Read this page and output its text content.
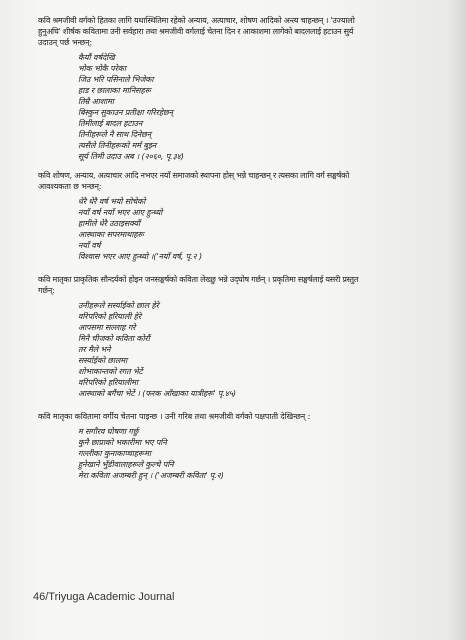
कवि श्रमजीवी वर्गको हितका लागि यथास्थितिमा रहेको अन्याय, अत्याचार, शोषण आदिको अन्त्य चाहन्छन् । 'उज्यालो
हुनुअघि' शीर्षक कवितामा उनी सर्वहारा तथा श्रमजीवी वर्गलाई चेतना दिन र आकाशमा लागेको बादललाई हटाउन सुर्य
उदाउन् पर्छ भन्छन्:
कैयौं वर्षदेखि
भोक भोकै परेका
जिउ भरि पसिनाले भिजेका
हाड र छालाका मानिसहरू
तिम्रै आशामा
बिस्कुन सुकाउन प्रतीक्षा गरिरहेछन्
तिमीलाई बादल हटाउन
तिनीहरूले नै साथ दिनेछन्
त्यसैले तिनीहरूको मर्म बुझ्न
सूर्य तिमी उदाउ अब । (२०६०, पृ.३४)
कवि शोषण, अन्याय, अत्याचार आदि नभएर नयाँ समाजको स्थापना होस् भन्ने चाहन्छन् र त्यसका लागि वर्ग सङ्घर्षको
आवश्यकता छ भन्छन्:
धेरै धेरै वर्ष भयो सोचेको
नयाँ वर्ष नयाँ भएर आए हुन्थ्यो
हामीले धेरै उठाइसक्यौं
आस्थाका सपरमाथाहरू
नयाँ वर्ष
विश्वास भएर आए हुन्थ्यो ।('नयाँ वर्ष, पृ.२ )
कवि मातृका प्राकृतिक सौन्दर्यको होइन जनसङ्घर्षको कविता लेख्छु भन्ने उद्‌घोष गर्छन् । प्रकृतिमा सङ्घर्षलाई यसरी प्रस्तुत
गर्छन्:
उनीहरूले सर्स्याईको छाल हेरे
वरिपरिको हरियाली हेरे
आपसमा सल्लाह गरे
मिनै चीजको कविता कोरौं
तर मैले भने
सर्स्याईको छालमा
शोभाकान्तको रगत भेटें
वरिपरिको हरियालीमा
आस्थाको बगैंचा भेटें । (फरक आँखाका यात्रीहरू' पृ.४५)
कवि मातृका कवितामा वर्गीय चेतना पाइन्छ । उनी गरिब तथा श्रमजीवी वर्गको पक्षपाती देखिन्छन् :
म सगौरव घोषणा गर्छु
कुनै छाप्राको भकारीमा भए पनि
गल्लीका कुनाकाप्चाहरूमा
हुनेखाने भुँडीवालाहरूले कुल्चे पनि
मेरा कविता अजम्बरी हुन् । ('अजम्बरी कविता' पृ.२)
46/Triyuga Academic Journal
